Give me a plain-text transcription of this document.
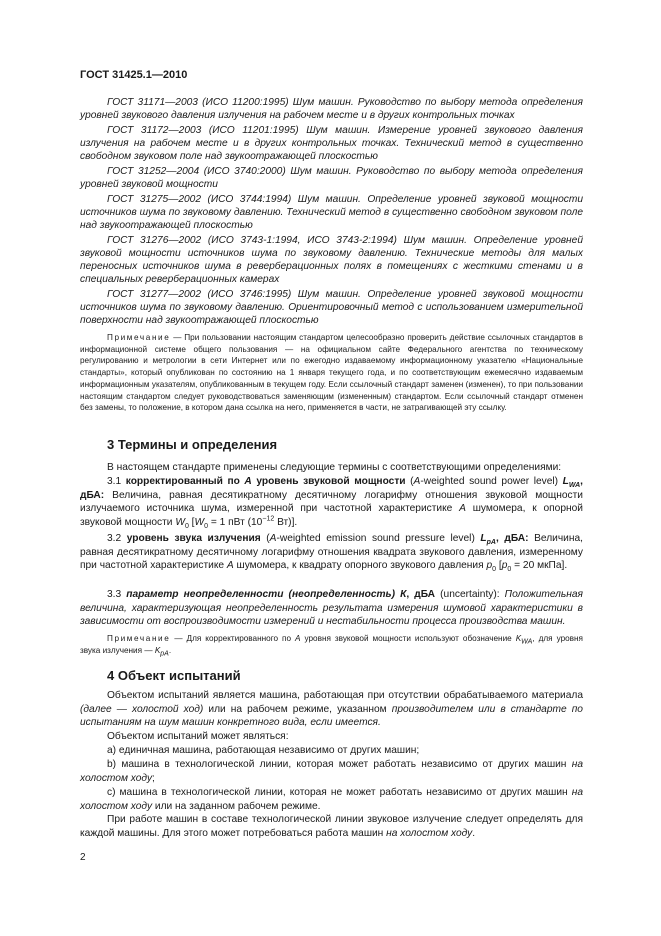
ГОСТ 31425.1—2010

ГОСТ 31171—2003 (ИСО 11200:1995) Шум машин. Руководство по выбору метода определения уровней звукового давления излучения на рабочем месте и в других контрольных точках

ГОСТ 31172—2003 (ИСО 11201:1995) Шум машин. Измерение уровней звукового давления излучения на рабочем месте и в других контрольных точках. Технический метод в существенно свободном звуковом поле над звукоотражающей плоскостью

ГОСТ 31252—2004 (ИСО 3740:2000) Шум машин. Руководство по выбору метода определения уровней звуковой мощности

ГОСТ 31275—2002 (ИСО 3744:1994) Шум машин. Определение уровней звуковой мощности источников шума по звуковому давлению. Технический метод в существенно свободном звуковом поле над звукоотражающей плоскостью

ГОСТ 31276—2002 (ИСО 3743-1:1994, ИСО 3743-2:1994) Шум машин. Определение уровней звуковой мощности источников шума по звуковому давлению. Технические методы для малых переносных источников шума в реверберационных полях в помещениях с жесткими стенами и в специальных реверберационных камерах

ГОСТ 31277—2002 (ИСО 3746:1995) Шум машин. Определение уровней звуковой мощности источников шума по звуковому давлению. Ориентировочный метод с использованием измерительной поверхности над звукоотражающей плоскостью

Примечание — При пользовании настоящим стандартом целесообразно проверить действие ссылочных стандартов в информационной системе общего пользования — на официальном сайте Федерального агентства по техническому регулированию и метрологии в сети Интернет или по ежегодно издаваемому информационному указателю «Национальные стандарты», который опубликован по состоянию на 1 января текущего года, и по соответствующим ежемесячно издаваемым информационным указателям, опубликованным в текущем году. Если ссылочный стандарт заменен (изменен), то при пользовании настоящим стандартом следует руководствоваться заменяющим (измененным) стандартом. Если ссылочный стандарт отменен без замены, то положение, в котором дана ссылка на него, применяется в части, не затрагивающей эту ссылку.

3 Термины и определения

В настоящем стандарте применены следующие термины с соответствующими определениями:

3.1 корректированный по А уровень звуковой мощности (A-weighted sound power level) $L_{WA}$, дБА: Величина, равная десятикратному десятичному логарифму отношения звуковой мощности излучаемого источника шума, измеренной при частотной характеристике А шумомера, к опорной звуковой мощности $W_0$ [$W_0 = 1$ пВт ($10^{-12}$ Вт)].

3.2 уровень звука излучения (A-weighted emission sound pressure level) $L_{pA}$, дБА: Величина, равная десятикратному десятичному логарифму отношения квадрата звукового давления, измеренному при частотной характеристике А шумомера, к квадрату опорного звукового давления $p_0$ [$p_0 = 20$ мкПа].

3.3 параметр неопределенности (неопределенность) К, дБА (uncertainty): Положительная величина, характеризующая неопределенность результата измерения шумовой характеристики в зависимости от воспроизводимости измерений и нестабильности процесса производства машин.

Примечание — Для корректированного по А уровня звуковой мощности используют обозначение $K_{WA}$, для уровня звука излучения — $K_{pA}$.

4 Объект испытаний

Объектом испытаний является машина, работающая при отсутствии обрабатываемого материала (далее — холостой ход) или на рабочем режиме, указанном производителем или в стандарте по испытаниям на шум машин конкретного вида, если имеется.

Объектом испытаний может являться:

а) единичная машина, работающая независимо от других машин;

b) машина в технологической линии, которая может работать независимо от других машин на холостом ходу;

с) машина в технологической линии, которая не может работать независимо от других машин на холостом ходу или на заданном рабочем режиме.

При работе машин в составе технологической линии звуковое излучение следует определять для каждой машины. Для этого может потребоваться работа машин на холостом ходу.

2
